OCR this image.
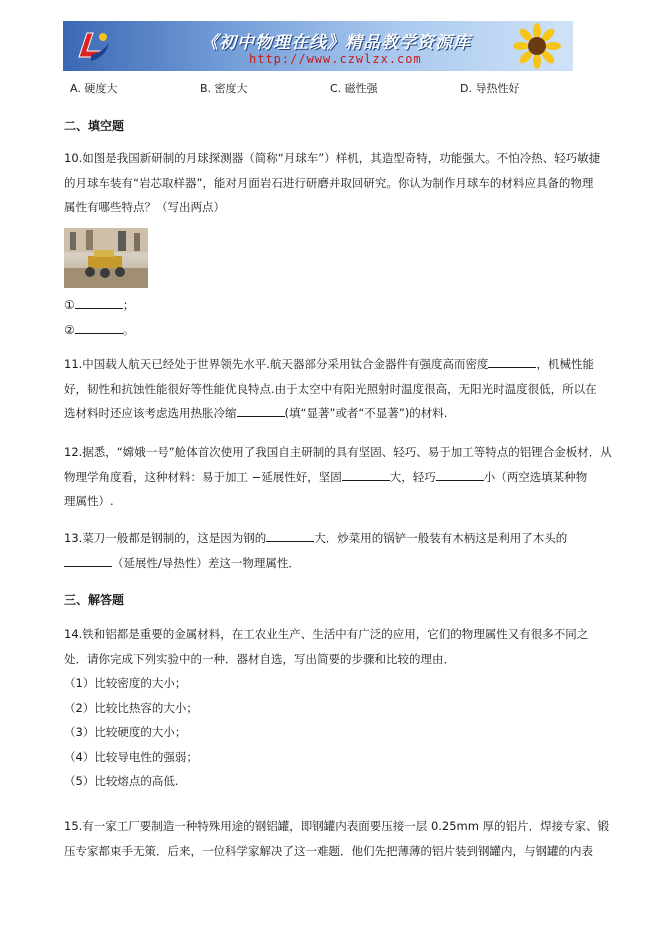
《初中物理在线》精品教学资源库
http://www.czwlzx.com
A. 硬度大	B. 密度大	C. 磁性强	D. 导热性好
二、填空题
10.如图是我国新研制的月球探测器（简称“月球车”）样机，其造型奇特，功能强大。不怕冷热、轻巧敏捷
的月球车装有“岩芯取样器”，能对月面岩石进行研磨并取回研究。你认为制作月球车的材料应具备的物理
属性有哪些特点？（写出两点）
①	；
②	。
11.中国载人航天已经处于世界领先水平.航天器部分采用钛合金器件有强度高而密度	，机械性能
好，韧性和抗蚀性能很好等性能优良特点.由于太空中有阳光照射时温度很高，无阳光时温度很低，所以在
选材料时还应该考虑选用热胀冷缩	(填“显著”或者“不显著”)的材料.
12.据悉，“嫦娥一号”舱体首次使用了我国自主研制的具有坚固、轻巧、易于加工等特点的铝锂合金板材．从
物理学角度看，这种材料：易于加工 −延展性好，坚固	大，轻巧	小（两空选填某种物
理属性）.
13.菜刀一般都是钢制的，这是因为钢的	大．炒菜用的锅铲一般装有木柄这是利用了木头的
（延展性/导热性）差这一物理属性．
三、解答题
14.铁和铝都是重要的金属材料，在工农业生产、生活中有广泛的应用，它们的物理属性又有很多不同之
处．请你完成下列实验中的一种．器材自选，写出简要的步骤和比较的理由．
（1）比较密度的大小；
（2）比较比热容的大小；
（3）比较硬度的大小；
（4）比较导电性的强弱；
（5）比较熔点的高低.
15.有一家工厂要制造一种特殊用途的钢铝罐，即钢罐内表面要压接一层 0.25mm 厚的铝片．焊接专家、锻
压专家都束手无策．后来，一位科学家解决了这一难题．他们先把薄薄的铝片装到钢罐内，与钢罐的内表
